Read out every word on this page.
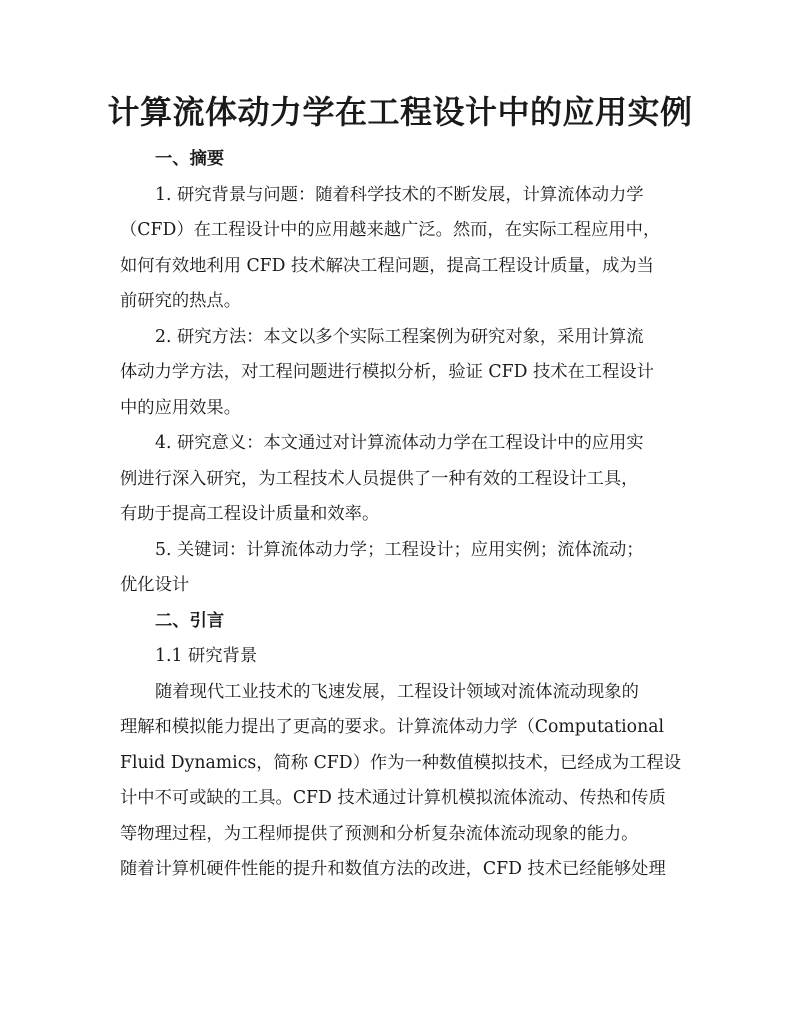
计算流体动力学在工程设计中的应用实例
一、摘要
1. 研究背景与问题：随着科学技术的不断发展，计算流体动力学
（CFD）在工程设计中的应用越来越广泛。然而，在实际工程应用中，
如何有效地利用 CFD 技术解决工程问题，提高工程设计质量，成为当
前研究的热点。
2. 研究方法：本文以多个实际工程案例为研究对象，采用计算流
体动力学方法，对工程问题进行模拟分析，验证 CFD 技术在工程设计
中的应用效果。
4. 研究意义：本文通过对计算流体动力学在工程设计中的应用实
例进行深入研究，为工程技术人员提供了一种有效的工程设计工具，
有助于提高工程设计质量和效率。
5. 关键词：计算流体动力学；工程设计；应用实例；流体流动；
优化设计
二、引言
1.1 研究背景
随着现代工业技术的飞速发展，工程设计领域对流体流动现象的
理解和模拟能力提出了更高的要求。计算流体动力学（Computational
Fluid Dynamics，简称 CFD）作为一种数值模拟技术，已经成为工程设
计中不可或缺的工具。CFD 技术通过计算机模拟流体流动、传热和传质
等物理过程，为工程师提供了预测和分析复杂流体流动现象的能力。
随着计算机硬件性能的提升和数值方法的改进，CFD 技术已经能够处理
